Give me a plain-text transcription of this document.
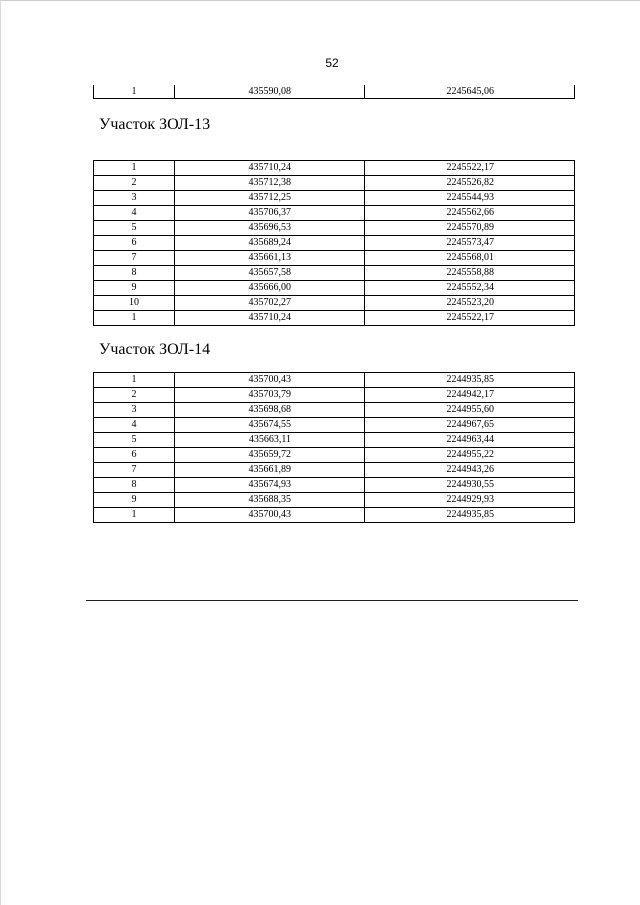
52
1	435590,08	2245645,06
Участок ЗОЛ-13
1	435710,24	2245522,17
2	435712,38	2245526,82
3	435712,25	2245544,93
4	435706,37	2245562,66
5	435696,53	2245570,89
6	435689,24	2245573,47
7	435661,13	2245568,01
8	435657,58	2245558,88
9	435666,00	2245552,34
10	435702,27	2245523,20
1	435710,24	2245522,17
Участок ЗОЛ-14
1	435700,43	2244935,85
2	435703,79	2244942,17
3	435698,68	2244955,60
4	435674,55	2244967,65
5	435663,11	2244963,44
6	435659,72	2244955,22
7	435661,89	2244943,26
8	435674,93	2244930,55
9	435688,35	2244929,93
1	435700,43	2244935,85
